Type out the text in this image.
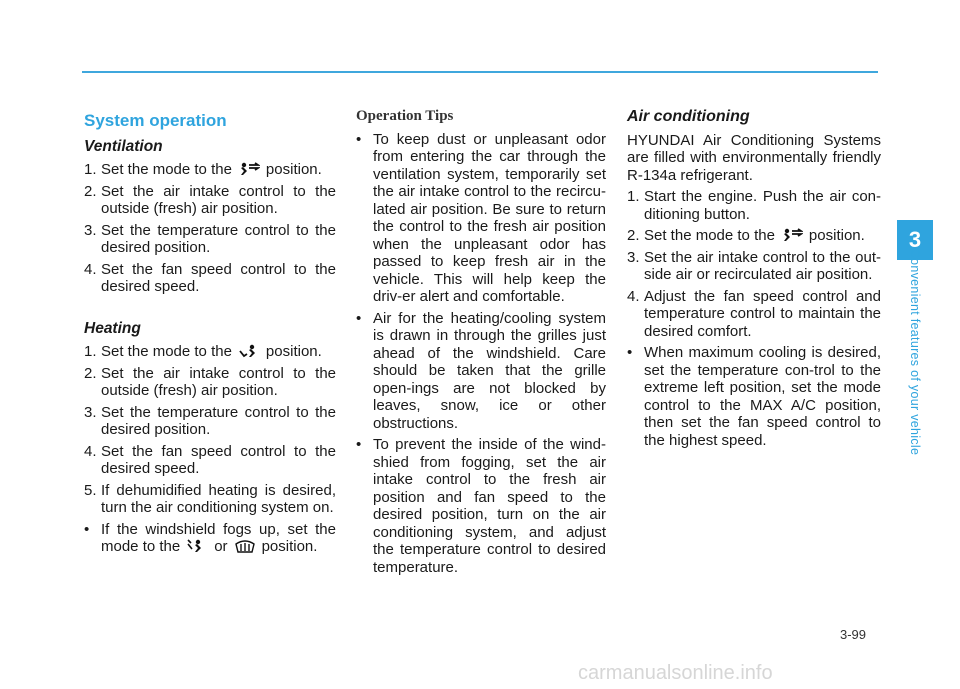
System operation
Ventilation
1. Set the mode to the position.
2. Set the air intake control to the outside (fresh) air position.
3. Set the temperature control to the desired position.
4. Set the fan speed control to the desired speed.
Heating
1. Set the mode to the position.
2. Set the air intake control to the outside (fresh) air position.
3. Set the temperature control to the desired position.
4. Set the fan speed control to the desired speed.
5. If dehumidified heating is desired, turn the air conditioning system on.
• If the windshield fogs up, set the mode to the or position.
Operation Tips
• To keep dust or unpleasant odor from entering the car through the ventilation system, temporarily set the air intake control to the recircu-lated air position. Be sure to return the control to the fresh air position when the unpleasant odor has passed to keep fresh air in the vehicle. This will help keep the driv-er alert and comfortable.
• Air for the heating/cooling system is drawn in through the grilles just ahead of the windshield. Care should be taken that the grille open-ings are not blocked by leaves, snow, ice or other obstructions.
• To prevent the inside of the wind-shied from fogging, set the air intake control to the fresh air position and fan speed to the desired position, turn on the air conditioning system, and adjust the temperature control to desired temperature.
Air conditioning

HYUNDAI Air Conditioning Systems are filled with environmentally friendly R-134a refrigerant.

1. Start the engine. Push the air con-ditioning button.
2. Set the mode to the position.
3. Set the air intake control to the out-side air or recirculated air position.
4. Adjust the fan speed control and temperature control to maintain the desired comfort.
• When maximum cooling is desired, set the temperature con-trol to the extreme left position, set the mode control to the MAX A/C position, then set the fan speed control to the highest speed.
3
Convenient features of your vehicle
3-99
carmanualsonline.info
